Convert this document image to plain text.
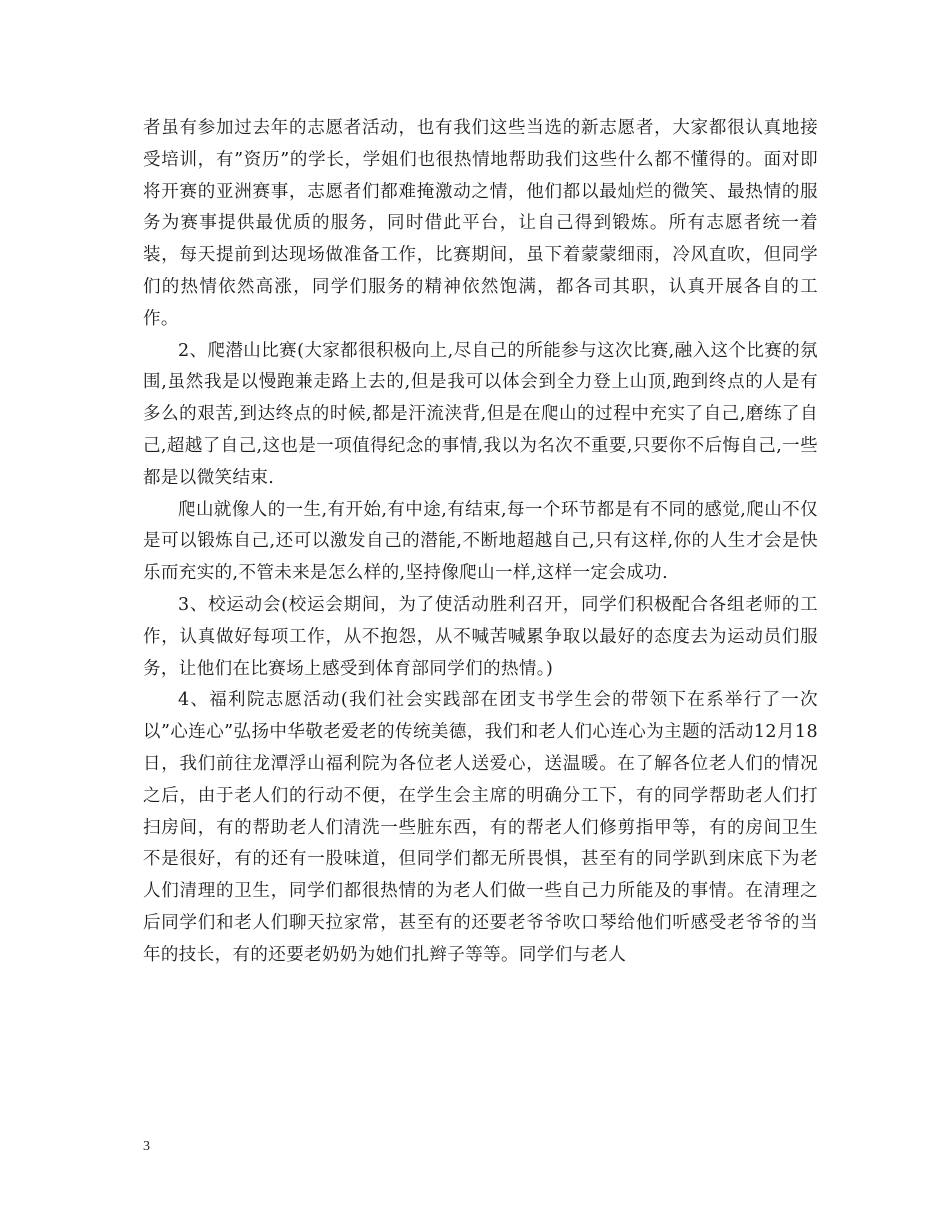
者虽有参加过去年的志愿者活动，也有我们这些当选的新志愿者，大家都很认真地接受培训，有”资历”的学长，学姐们也很热情地帮助我们这些什么都不懂得的。面对即将开赛的亚洲赛事，志愿者们都难掩激动之情，他们都以最灿烂的微笑、最热情的服务为赛事提供最优质的服务，同时借此平台，让自己得到锻炼。所有志愿者统一着装，每天提前到达现场做准备工作，比赛期间，虽下着蒙蒙细雨，冷风直吹，但同学们的热情依然高涨，同学们服务的精神依然饱满，都各司其职，认真开展各自的工作。

2、爬潜山比赛(大家都很积极向上,尽自己的所能参与这次比赛,融入这个比赛的氛围,虽然我是以慢跑兼走路上去的,但是我可以体会到全力登上山顶,跑到终点的人是有多么的艰苦,到达终点的时候,都是汗流浃背,但是在爬山的过程中充实了自己,磨练了自己,超越了自己,这也是一项值得纪念的事情,我以为名次不重要,只要你不后悔自己,一些都是以微笑结束.

爬山就像人的一生,有开始,有中途,有结束,每一个环节都是有不同的感觉,爬山不仅是可以锻炼自己,还可以激发自己的潜能,不断地超越自己,只有这样,你的人生才会是快乐而充实的,不管未来是怎么样的,坚持像爬山一样,这样一定会成功.

3、校运动会(校运会期间，为了使活动胜利召开，同学们积极配合各组老师的工作，认真做好每项工作，从不抱怨，从不喊苦喊累争取以最好的态度去为运动员们服务，让他们在比赛场上感受到体育部同学们的热情。)

4、福利院志愿活动(我们社会实践部在团支书学生会的带领下在系举行了一次以”心连心”弘扬中华敬老爱老的传统美德，我们和老人们心连心为主题的活动12月18日，我们前往龙潭浮山福利院为各位老人送爱心，送温暖。在了解各位老人们的情况之后，由于老人们的行动不便，在学生会主席的明确分工下，有的同学帮助老人们打扫房间，有的帮助老人们清洗一些脏东西，有的帮老人们修剪指甲等，有的房间卫生不是很好，有的还有一股味道，但同学们都无所畏惧，甚至有的同学趴到床底下为老人们清理的卫生，同学们都很热情的为老人们做一些自己力所能及的事情。在清理之后同学们和老人们聊天拉家常，甚至有的还要老爷爷吹口琴给他们听感受老爷爷的当年的技长，有的还要老奶奶为她们扎辫子等等。同学们与老人

3
